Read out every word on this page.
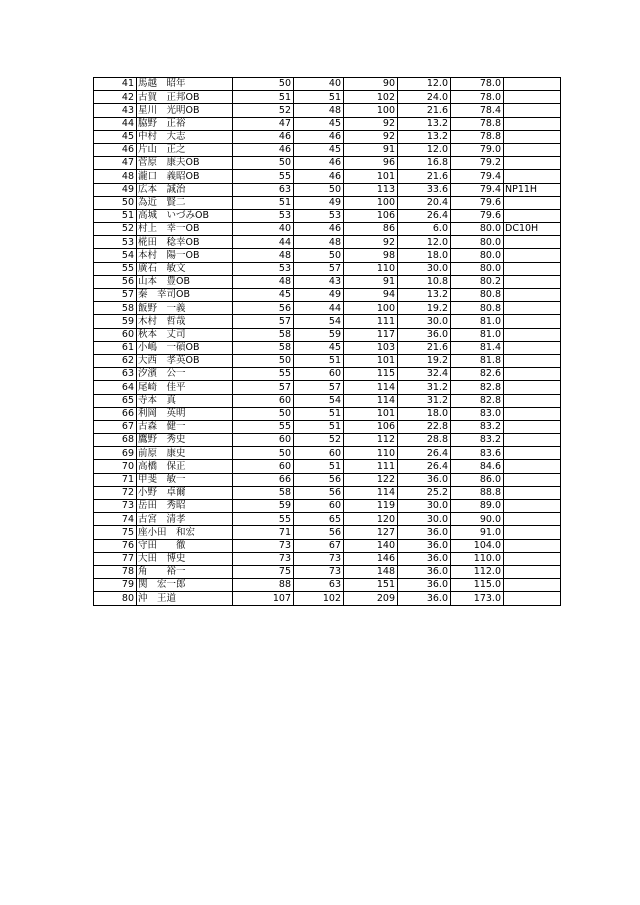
41	馬越　昭年	50	40	90	12.0	78.0	
42	古賀　正邦OB	51	51	102	24.0	78.0	
43	星川　光明OB	52	48	100	21.6	78.4	
44	脇野　正裕	47	45	92	13.2	78.8	
45	中村　大志	46	46	92	13.2	78.8	
46	片山　正之	46	45	91	12.0	79.0	
47	菅原　康夫OB	50	46	96	16.8	79.2	
48	瀧口　義昭OB	55	46	101	21.6	79.4	
49	広本　誠治	63	50	113	33.6	79.4	NP11H
50	為近　賢二	51	49	100	20.4	79.6	
51	高城　いづみOB	53	53	106	26.4	79.6	
52	村上　幸一OB	40	46	86	6.0	80.0	DC10H
53	椛田　稔幸OB	44	48	92	12.0	80.0	
54	本村　陽一OB	48	50	98	18.0	80.0	
55	廣石　敏文	53	57	110	30.0	80.0	
56	山本　豊OB	48	43	91	10.8	80.2	
57	秦　幸司OB	45	49	94	13.2	80.8	
58	飯野　一義	56	44	100	19.2	80.8	
59	木村　哲哉	57	54	111	30.0	81.0	
60	秋本　丈司	58	59	117	36.0	81.0	
61	小嶋　一碩OB	58	45	103	21.6	81.4	
62	大西　孝英OB	50	51	101	19.2	81.8	
63	汐濱　公一	55	60	115	32.4	82.6	
64	尾崎　佳平	57	57	114	31.2	82.8	
65	寺本　真	60	54	114	31.2	82.8	
66	利岡　英明	50	51	101	18.0	83.0	
67	古森　健一	55	51	106	22.8	83.2	
68	鷹野　秀史	60	52	112	28.8	83.2	
69	前原　康史	50	60	110	26.4	83.6	
70	高橋　保正	60	51	111	26.4	84.6	
71	甲斐　敏一	66	56	122	36.0	86.0	
72	小野　卓爾	58	56	114	25.2	88.8	
73	岳田　秀昭	59	60	119	30.0	89.0	
74	古宮　清孝	55	65	120	30.0	90.0	
75	座小田　和宏	71	56	127	36.0	91.0	
76	守田　　徹	73	67	140	36.0	104.0	
77	大田　博史	73	73	146	36.0	110.0	
78	角　　裕一	75	73	148	36.0	112.0	
79	関　宏一郎	88	63	151	36.0	115.0	
80	沖　王道	107	102	209	36.0	173.0	
